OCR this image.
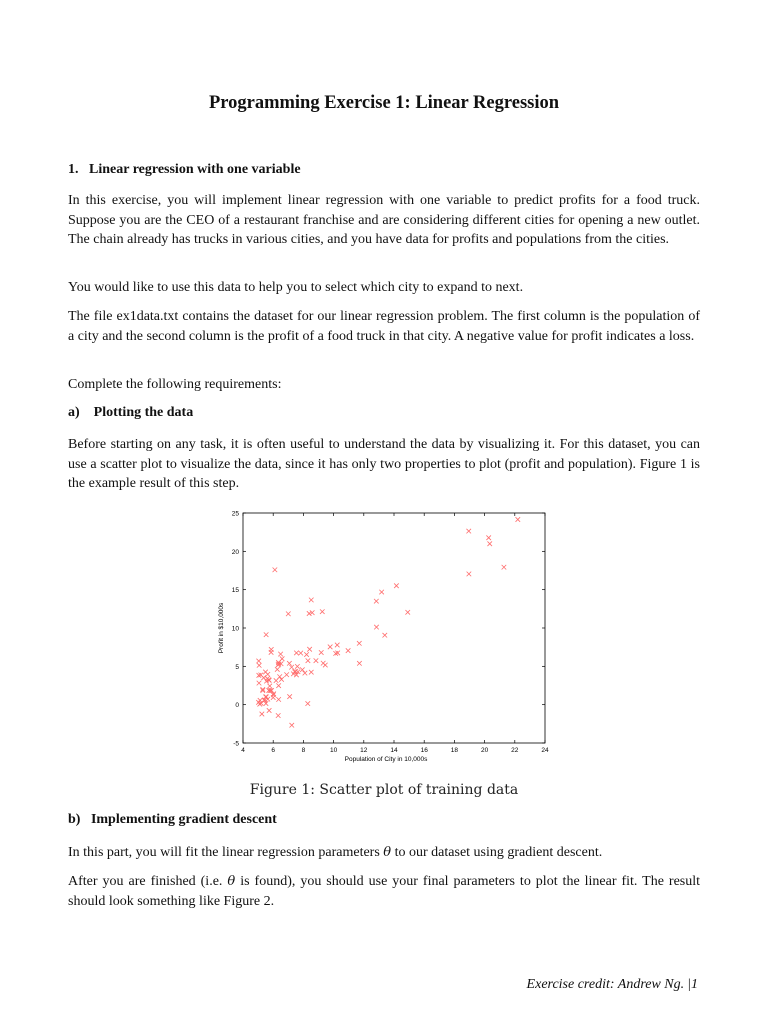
Programming Exercise 1: Linear Regression
1.   Linear regression with one variable

In this exercise, you will implement linear regression with one variable to predict profits for a food truck. Suppose you are the CEO of a restaurant franchise and are considering different cities for opening a new outlet. The chain already has trucks in various cities, and you have data for profits and populations from the cities.

You would like to use this data to help you to select which city to expand to next.

The file ex1data.txt contains the dataset for our linear regression problem. The first column is the population of a city and the second column is the profit of a food truck in that city. A negative value for profit indicates a loss.

Complete the following requirements:

a)    Plotting the data

Before starting on any task, it is often useful to understand the data by visualizing it. For this dataset, you can use a scatter plot to visualize the data, since it has only two properties to plot (profit and population). Figure 1 is the example result of this step.

4	6	8	10	12	14	16	18	20	22	24
-5
0
5
10
15
20
25
Population of City in 10,000s
Profit in $10,000s
Figure 1: Scatter plot of training data
b)   Implementing gradient descent

In this part, you will fit the linear regression parameters θ to our dataset using gradient descent.

After you are finished (i.e. θ is found), you should use your final parameters to plot the linear fit. The result should look something like Figure 2.

Exercise credit: Andrew Ng. |1
